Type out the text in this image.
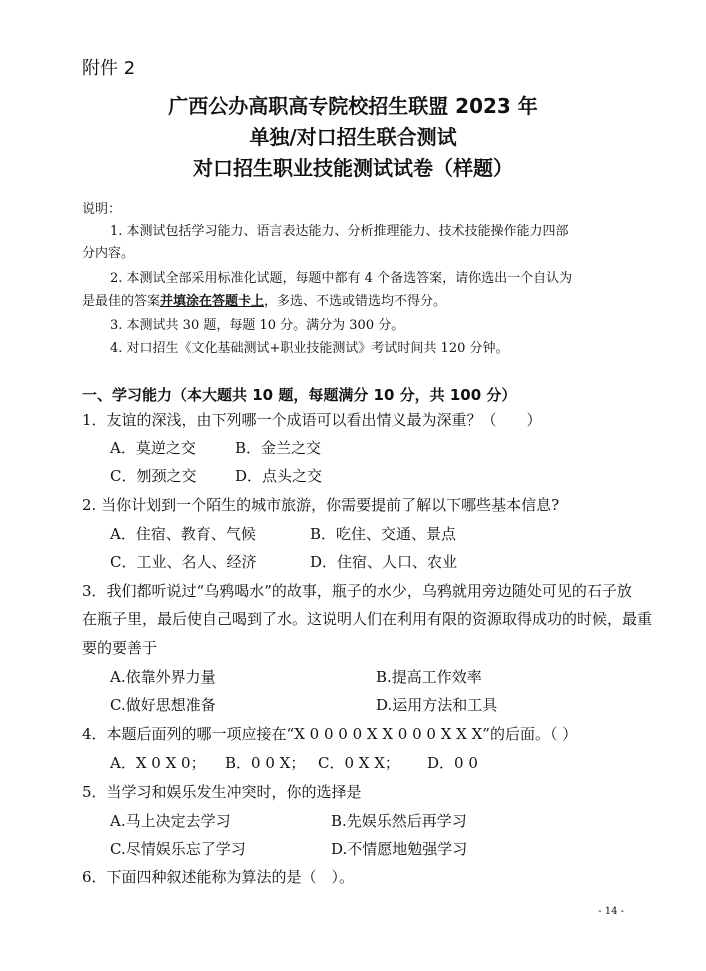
附件 2
广西公办高职高专院校招生联盟 2023 年
单独/对口招生联合测试
对口招生职业技能测试试卷（样题）
说明：
1. 本测试包括学习能力、语言表达能力、分析推理能力、技术技能操作能力四部
分内容。
2. 本测试全部采用标准化试题，每题中都有 4 个备选答案，请你选出一个自认为
是最佳的答案并填涂在答题卡上，多选、不选或错选均不得分。
3. 本测试共 30 题，每题 10 分。满分为 300 分。
4. 对口招生《文化基础测试+职业技能测试》考试时间共 120 分钟。
一、学习能力（本大题共 10 题，每题满分 10 分，共 100 分）
1．友谊的深浅，由下列哪一个成语可以看出情义最为深重？（　　）
A．莫逆之交	B．金兰之交
C．刎颈之交	D．点头之交
2. 当你计划到一个陌生的城市旅游，你需要提前了解以下哪些基本信息?
A．住宿、教育、气候	B．吃住、交通、景点
C．工业、名人、经济	D．住宿、人口、农业
3．我们都听说过“乌鸦喝水”的故事，瓶子的水少，乌鸦就用旁边随处可见的石子放
在瓶子里，最后使自己喝到了水。这说明人们在利用有限的资源取得成功的时候，最重
要的要善于
A.依靠外界力量	B.提高工作效率
C.做好思想准备	D.运用方法和工具
4．本题后面列的哪一项应接在“X 0 0 0 0 X X 0 0 0 X X X”的后面。（ ）
A．X 0 X 0； B．0 0 X； C．0 X X； D．0 0
5．当学习和娱乐发生冲突时，你的选择是
A.马上决定去学习	B.先娱乐然后再学习
C.尽情娱乐忘了学习	D.不情愿地勉强学习
6．下面四种叙述能称为算法的是（　）。
- 14 -
